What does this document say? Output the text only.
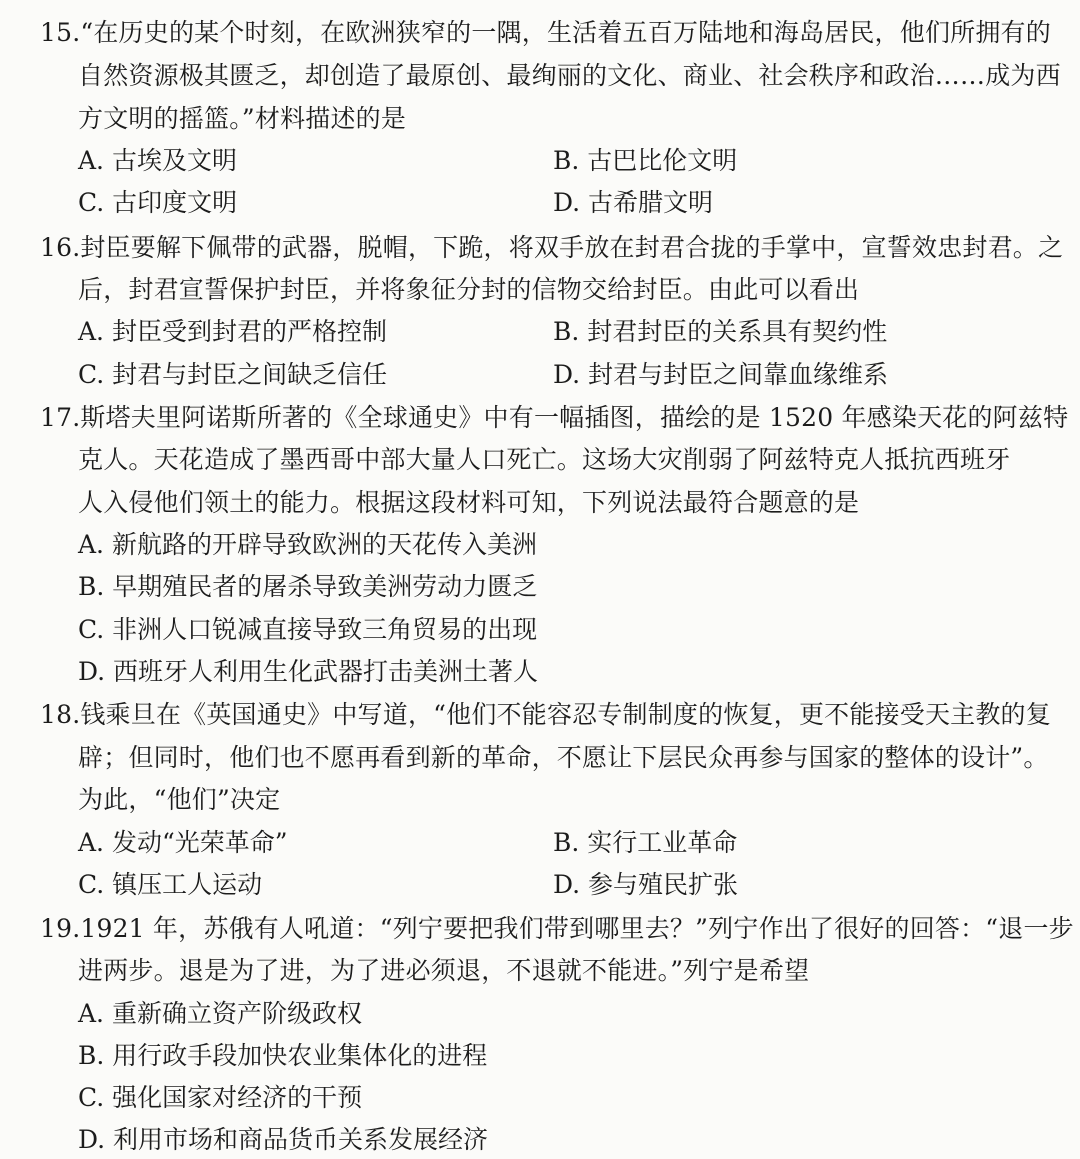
15.“在历史的某个时刻，在欧洲狭窄的一隅，生活着五百万陆地和海岛居民，他们所拥有的
自然资源极其匮乏，却创造了最原创、最绚丽的文化、商业、社会秩序和政治……成为西
方文明的摇篮。”材料描述的是
A. 古埃及文明	B. 古巴比伦文明
C. 古印度文明	D. 古希腊文明
16.封臣要解下佩带的武器，脱帽，下跪，将双手放在封君合拢的手掌中，宣誓效忠封君。之
后，封君宣誓保护封臣，并将象征分封的信物交给封臣。由此可以看出
A. 封臣受到封君的严格控制	B. 封君封臣的关系具有契约性
C. 封君与封臣之间缺乏信任	D. 封君与封臣之间靠血缘维系
17.斯塔夫里阿诺斯所著的《全球通史》中有一幅插图，描绘的是 1520 年感染天花的阿兹特
克人。天花造成了墨西哥中部大量人口死亡。这场大灾削弱了阿兹特克人抵抗西班牙
人入侵他们领土的能力。根据这段材料可知，下列说法最符合题意的是
A. 新航路的开辟导致欧洲的天花传入美洲
B. 早期殖民者的屠杀导致美洲劳动力匮乏
C. 非洲人口锐减直接导致三角贸易的出现
D. 西班牙人利用生化武器打击美洲土著人
18.钱乘旦在《英国通史》中写道，“他们不能容忍专制制度的恢复，更不能接受天主教的复
辟；但同时，他们也不愿再看到新的革命，不愿让下层民众再参与国家的整体的设计”。
为此，“他们”决定
A. 发动“光荣革命”	B. 实行工业革命
C. 镇压工人运动	D. 参与殖民扩张
19.1921 年，苏俄有人吼道：“列宁要把我们带到哪里去？”列宁作出了很好的回答：“退一步
进两步。退是为了进，为了进必须退，不退就不能进。”列宁是希望
A. 重新确立资产阶级政权
B. 用行政手段加快农业集体化的进程
C. 强化国家对经济的干预
D. 利用市场和商品货币关系发展经济
